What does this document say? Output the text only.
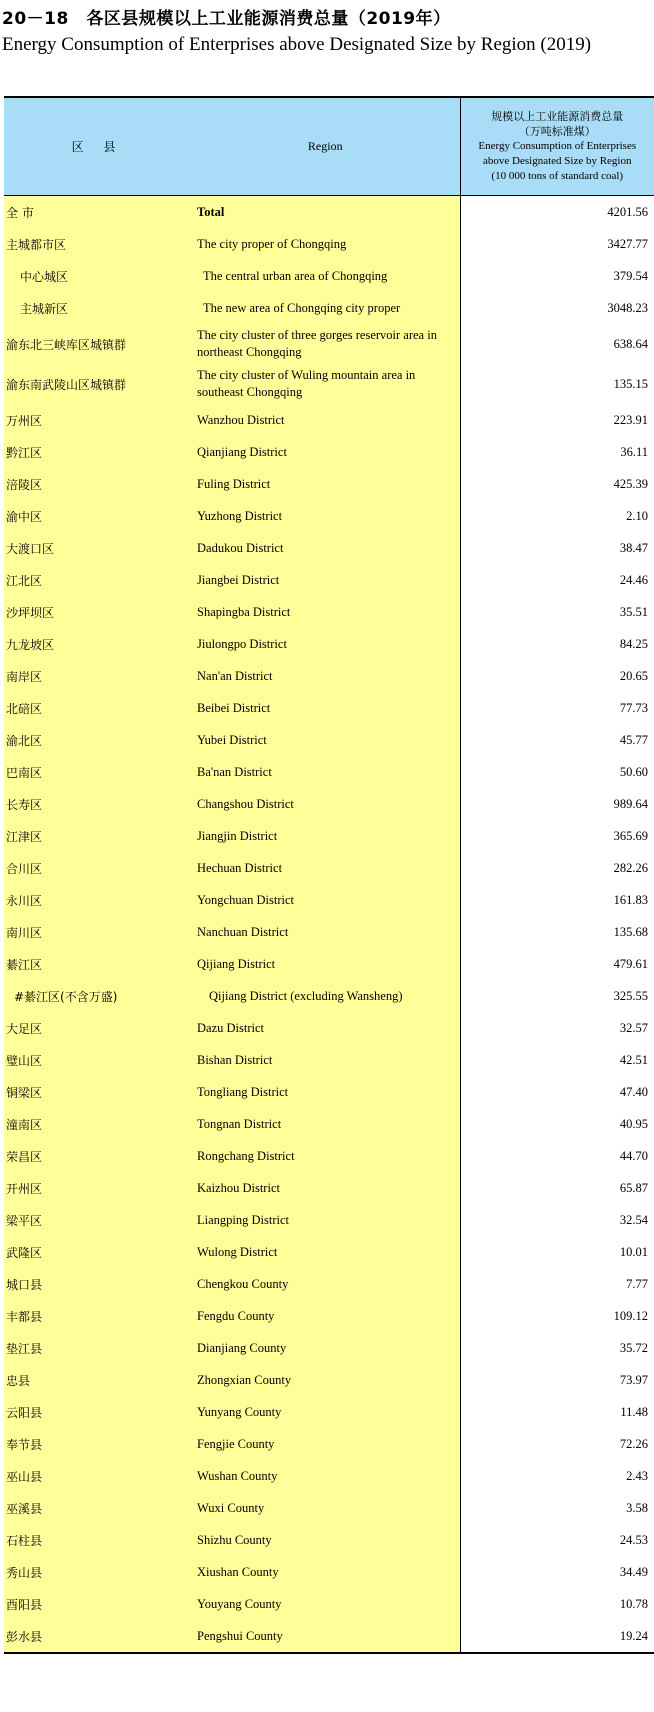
20－18　各区县规模以上工业能源消费总量（2019年）
Energy Consumption of Enterprises above Designated Size by Region (2019)
区 县	Region	规模以上工业能源消费总量
（万吨标准煤）
Energy Consumption of Enterprises
above Designated Size by Region
(10 000 tons of standard coal)

全 市	Total	4201.56
主城都市区	The city proper of Chongqing	3427.77
中心城区	The central urban area of Chongqing	379.54
主城新区	The new area of Chongqing city proper	3048.23
渝东北三峡库区城镇群	The city cluster of three gorges reservoir area in northeast Chongqing	638.64
渝东南武陵山区城镇群	The city cluster of Wuling mountain area in southeast Chongqing	135.15
万州区	Wanzhou District	223.91
黔江区	Qianjiang District	36.11
涪陵区	Fuling District	425.39
渝中区	Yuzhong District	2.10
大渡口区	Dadukou District	38.47
江北区	Jiangbei District	24.46
沙坪坝区	Shapingba District	35.51
九龙坡区	Jiulongpo District	84.25
南岸区	Nan'an District	20.65
北碚区	Beibei District	77.73
渝北区	Yubei District	45.77
巴南区	Ba'nan District	50.60
长寿区	Changshou District	989.64
江津区	Jiangjin District	365.69
合川区	Hechuan District	282.26
永川区	Yongchuan District	161.83
南川区	Nanchuan District	135.68
綦江区	Qijiang District	479.61
#綦江区(不含万盛)	Qijiang District (excluding Wansheng)	325.55
大足区	Dazu District	32.57
璧山区	Bishan District	42.51
铜梁区	Tongliang District	47.40
潼南区	Tongnan District	40.95
荣昌区	Rongchang District	44.70
开州区	Kaizhou District	65.87
梁平区	Liangping District	32.54
武隆区	Wulong District	10.01
城口县	Chengkou County	7.77
丰都县	Fengdu County	109.12
垫江县	Dianjiang County	35.72
忠县	Zhongxian County	73.97
云阳县	Yunyang County	11.48
奉节县	Fengjie County	72.26
巫山县	Wushan County	2.43
巫溪县	Wuxi County	3.58
石柱县	Shizhu County	24.53
秀山县	Xiushan County	34.49
酉阳县	Youyang County	10.78
彭水县	Pengshui County	19.24
